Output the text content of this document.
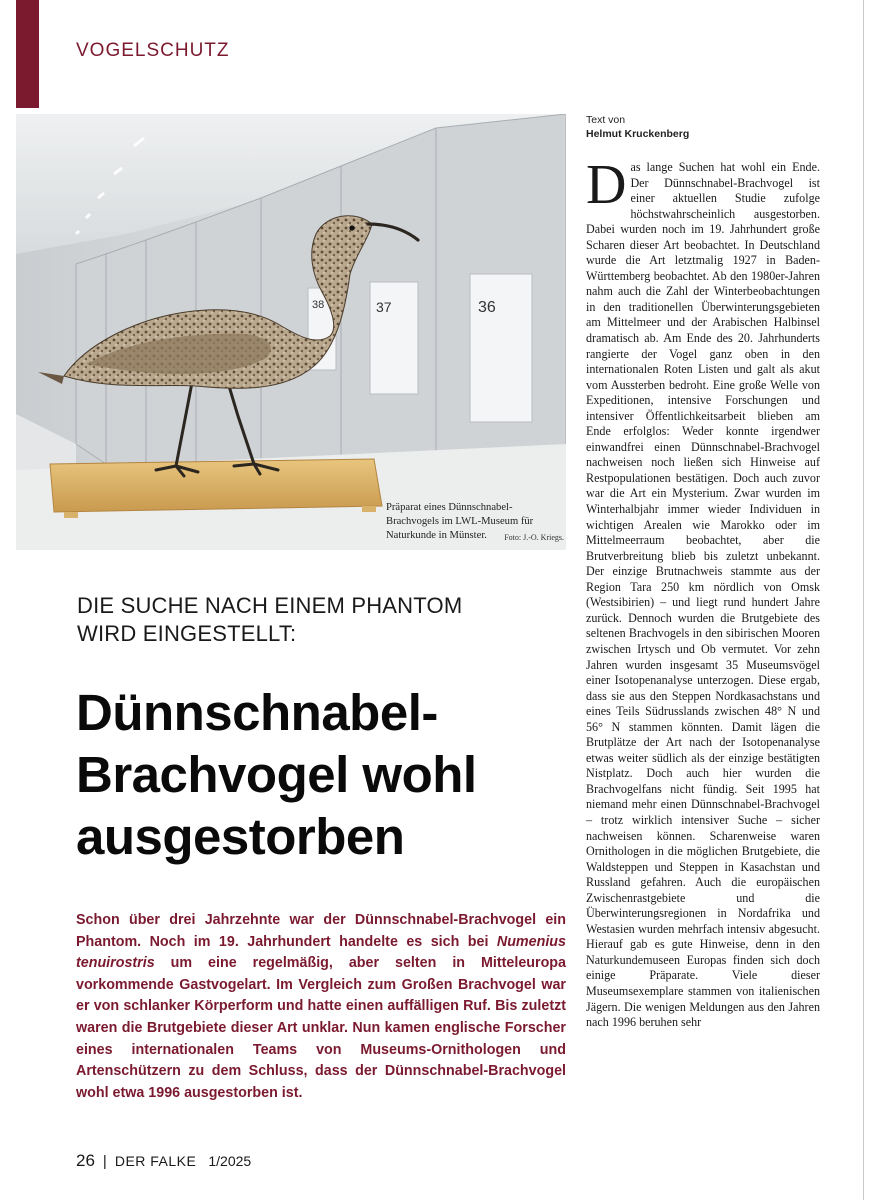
VOGELSCHUTZ
38	37	36
Präparat eines Dünnschnabel-Brachvogels im LWL-Museum für Naturkunde in Münster. Foto: J.-O. Kriegs.
Text von
Helmut Kruckenberg
Das lange Suchen hat wohl ein Ende. Der Dünnschnabel-Brachvogel ist einer aktuellen Studie zufolge höchstwahrscheinlich ausgestorben. Dabei wurden noch im 19. Jahrhundert große Scharen dieser Art beobachtet. In Deutschland wurde die Art letztmalig 1927 in Baden-Württemberg beobachtet. Ab den 1980er-Jahren nahm auch die Zahl der Winterbeobachtungen in den traditionellen Überwinterungsgebieten am Mittelmeer und der Arabischen Halbinsel dramatisch ab. Am Ende des 20. Jahrhunderts rangierte der Vogel ganz oben in den internationalen Roten Listen und galt als akut vom Aussterben bedroht. Eine große Welle von Expeditionen, intensive Forschungen und intensiver Öffentlichkeitsarbeit blieben am Ende erfolglos: Weder konnte irgendwer einwandfrei einen Dünnschnabel-Brachvogel nachweisen noch ließen sich Hinweise auf Restpopulationen bestätigen. Doch auch zuvor war die Art ein Mysterium. Zwar wurden im Winterhalbjahr immer wieder Individuen in wichtigen Arealen wie Marokko oder im Mittelmeerraum beobachtet, aber die Brutverbreitung blieb bis zuletzt unbekannt. Der einzige Brutnachweis stammte aus der Region Tara 250 km nördlich von Omsk (Westsibirien) – und liegt rund hundert Jahre zurück. Dennoch wurden die Brutgebiete des seltenen Brachvogels in den sibirischen Mooren zwischen Irtysch und Ob vermutet. Vor zehn Jahren wurden insgesamt 35 Museumsvögel einer Isotopenanalyse unterzogen. Diese ergab, dass sie aus den Steppen Nordkasachstans und eines Teils Südrusslands zwischen 48° N und 56° N stammen könnten. Damit lägen die Brutplätze der Art nach der Isotopenanalyse etwas weiter südlich als der einzige bestätigten Nistplatz. Doch auch hier wurden die Brachvogelfans nicht fündig. Seit 1995 hat niemand mehr einen Dünnschnabel-Brachvogel – trotz wirklich intensiver Suche – sicher nachweisen können. Scharenweise waren Ornithologen in die möglichen Brutgebiete, die Waldsteppen und Steppen in Kasachstan und Russland gefahren. Auch die europäischen Zwischenrastgebiete und die Überwinterungsregionen in Nordafrika und Westasien wurden mehrfach intensiv abgesucht. Hierauf gab es gute Hinweise, denn in den Naturkundemuseen Europas finden sich doch einige Präparate. Viele dieser Museumsexemplare stammen von italienischen Jägern. Die wenigen Meldungen aus den Jahren nach 1996 beruhen sehr
DIE SUCHE NACH EINEM PHANTOM
WIRD EINGESTELLT:
Dünnschnabel-
Brachvogel wohl
ausgestorben
Schon über drei Jahrzehnte war der Dünnschnabel-Brachvogel ein Phantom. Noch im 19. Jahrhundert handelte es sich bei Numenius tenuirostris um eine regelmäßig, aber selten in Mitteleuropa vorkommende Gastvogelart. Im Vergleich zum Großen Brachvogel war er von schlanker Körperform und hatte einen auffälligen Ruf. Bis zuletzt waren die Brutgebiete dieser Art unklar. Nun kamen englische Forscher eines internationalen Teams von Museums-Ornithologen und Artenschützern zu dem Schluss, dass der Dünnschnabel-Brachvogel wohl etwa 1996 ausgestorben ist.
26 | DER FALKE 1/2025
